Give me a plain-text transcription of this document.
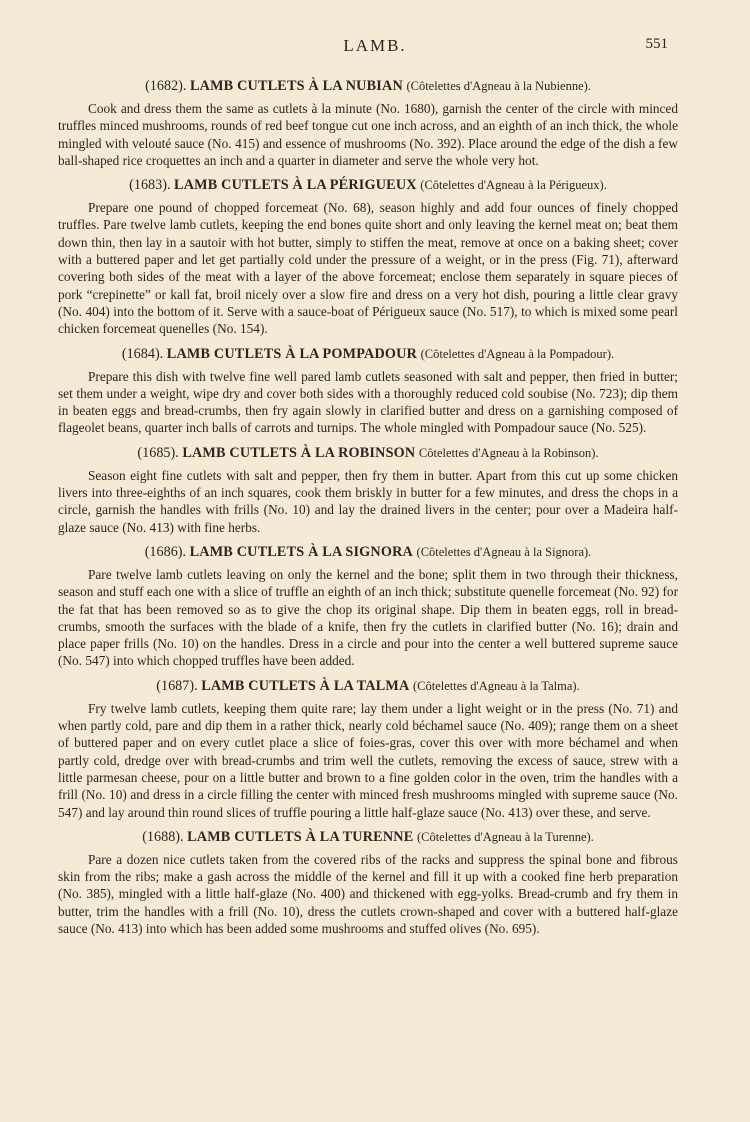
LAMB.	551
(1682). LAMB CUTLETS À LA NUBIAN (Côtelettes d'Agneau à la Nubienne).

Cook and dress them the same as cutlets à la minute (No. 1680), garnish the center of the circle with minced truffles minced mushrooms, rounds of red beef tongue cut one inch across, and an eighth of an inch thick, the whole mingled with velouté sauce (No. 415) and essence of mushrooms (No. 392). Place around the edge of the dish a few ball-shaped rice croquettes an inch and a quarter in diameter and serve the whole very hot.

(1683). LAMB CUTLETS À LA PÉRIGUEUX (Côtelettes d'Agneau à la Périgueux).

Prepare one pound of chopped forcemeat (No. 68), season highly and add four ounces of finely chopped truffles. Pare twelve lamb cutlets, keeping the end bones quite short and only leaving the kernel meat on; beat them down thin, then lay in a sautoir with hot butter, simply to stiffen the meat, remove at once on a baking sheet; cover with a buttered paper and let get partially cold under the pressure of a weight, or in the press (Fig. 71), afterward covering both sides of the meat with a layer of the above forcemeat; enclose them separately in square pieces of pork “crepinette” or kall fat, broil nicely over a slow fire and dress on a very hot dish, pouring a little clear gravy (No. 404) into the bottom of it. Serve with a sauce-boat of Périgueux sauce (No. 517), to which is mixed some pearl chicken forcemeat quenelles (No. 154).

(1684). LAMB CUTLETS À LA POMPADOUR (Côtelettes d'Agneau à la Pompadour).

Prepare this dish with twelve fine well pared lamb cutlets seasoned with salt and pepper, then fried in butter; set them under a weight, wipe dry and cover both sides with a thoroughly reduced cold soubise (No. 723); dip them in beaten eggs and bread-crumbs, then fry again slowly in clarified butter and dress on a garnishing composed of flageolet beans, quarter inch balls of carrots and turnips. The whole mingled with Pompadour sauce (No. 525).

(1685). LAMB CUTLETS À LA ROBINSON Côtelettes d'Agneau à la Robinson).

Season eight fine cutlets with salt and pepper, then fry them in butter. Apart from this cut up some chicken livers into three-eighths of an inch squares, cook them briskly in butter for a few minutes, and dress the chops in a circle, garnish the handles with frills (No. 10) and lay the drained livers in the center; pour over a Madeira half-glaze sauce (No. 413) with fine herbs.

(1686). LAMB CUTLETS À LA SIGNORA (Côtelettes d'Agneau à la Signora).

Pare twelve lamb cutlets leaving on only the kernel and the bone; split them in two through their thickness, season and stuff each one with a slice of truffle an eighth of an inch thick; substitute quenelle forcemeat (No. 92) for the fat that has been removed so as to give the chop its original shape. Dip them in beaten eggs, roll in bread-crumbs, smooth the surfaces with the blade of a knife, then fry the cutlets in clarified butter (No. 16); drain and place paper frills (No. 10) on the handles. Dress in a circle and pour into the center a well buttered supreme sauce (No. 547) into which chopped truffles have been added.

(1687). LAMB CUTLETS À LA TALMA (Côtelettes d'Agneau à la Talma).

Fry twelve lamb cutlets, keeping them quite rare; lay them under a light weight or in the press (No. 71) and when partly cold, pare and dip them in a rather thick, nearly cold béchamel sauce (No. 409); range them on a sheet of buttered paper and on every cutlet place a slice of foies-gras, cover this over with more béchamel and when partly cold, dredge over with bread-crumbs and trim well the cutlets, removing the excess of sauce, strew with a little parmesan cheese, pour on a little butter and brown to a fine golden color in the oven, trim the handles with a frill (No. 10) and dress in a circle filling the center with minced fresh mushrooms mingled with supreme sauce (No. 547) and lay around thin round slices of truffle pouring a little half-glaze sauce (No. 413) over these, and serve.

(1688). LAMB CUTLETS À LA TURENNE (Côtelettes d'Agneau à la Turenne).

Pare a dozen nice cutlets taken from the covered ribs of the racks and suppress the spinal bone and fibrous skin from the ribs; make a gash across the middle of the kernel and fill it up with a cooked fine herb preparation (No. 385), mingled with a little half-glaze (No. 400) and thickened with egg-yolks. Bread-crumb and fry them in butter, trim the handles with a frill (No. 10), dress the cutlets crown-shaped and cover with a buttered half-glaze sauce (No. 413) into which has been added some mushrooms and stuffed olives (No. 695).
